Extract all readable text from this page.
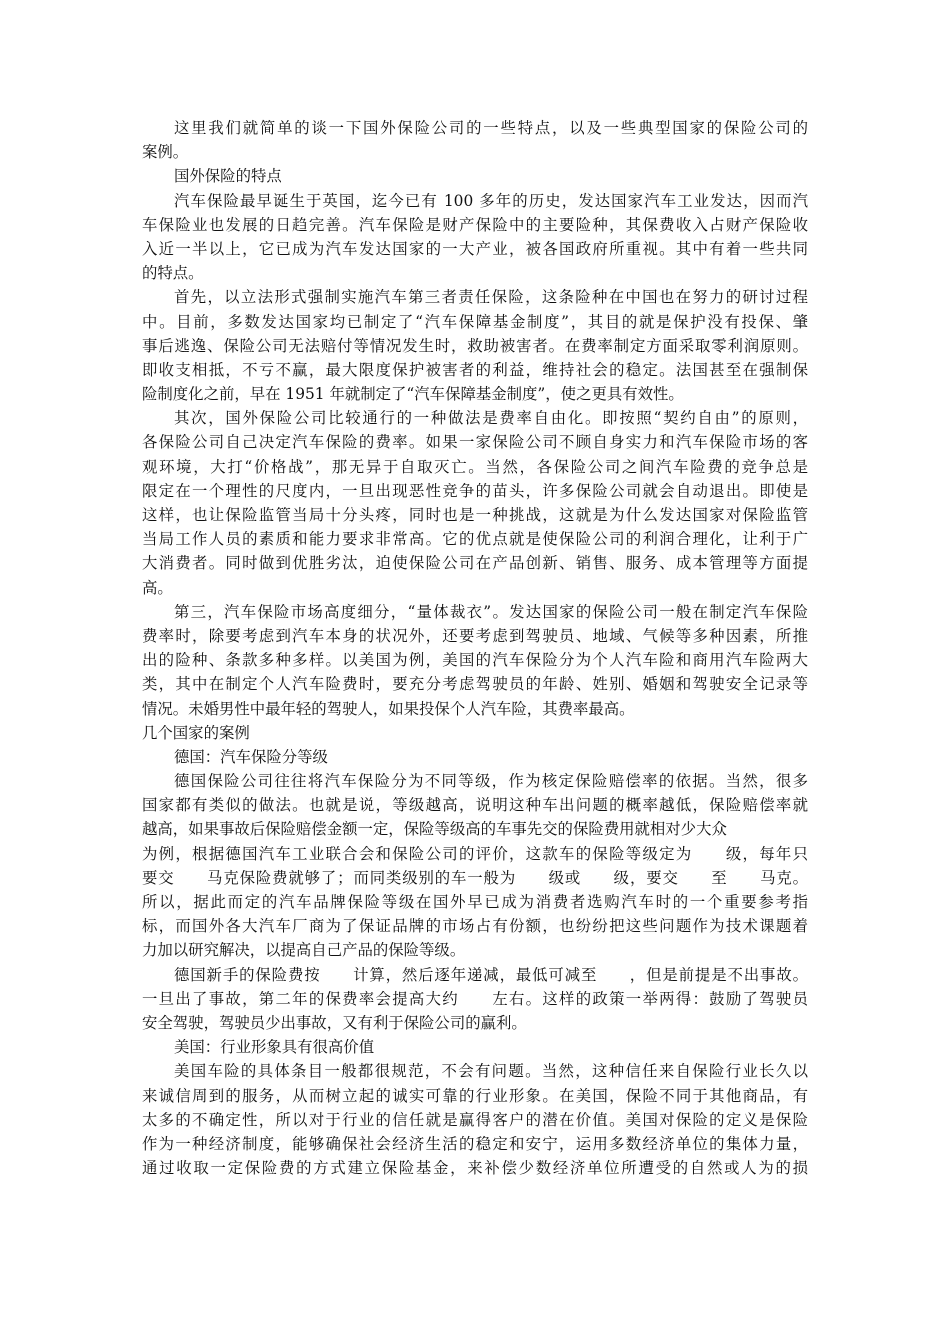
这里我们就简单的谈一下国外保险公司的一些特点，以及一些典型国家的保险公司的
案例。
国外保险的特点
汽车保险最早诞生于英国，迄今已有 100 多年的历史，发达国家汽车工业发达，因而汽
车保险业也发展的日趋完善。汽车保险是财产保险中的主要险种，其保费收入占财产保险收
入近一半以上，它已成为汽车发达国家的一大产业，被各国政府所重视。其中有着一些共同
的特点。
首先，以立法形式强制实施汽车第三者责任保险，这条险种在中国也在努力的研讨过程
中。目前，多数发达国家均已制定了“汽车保障基金制度”，其目的就是保护没有投保、肇
事后逃逸、保险公司无法赔付等情况发生时，救助被害者。在费率制定方面采取零利润原则。
即收支相抵，不亏不赢，最大限度保护被害者的利益，维持社会的稳定。法国甚至在强制保
险制度化之前，早在 1951 年就制定了“汽车保障基金制度”，使之更具有效性。
其次，国外保险公司比较通行的一种做法是费率自由化。即按照“契约自由”的原则，
各保险公司自己决定汽车保险的费率。如果一家保险公司不顾自身实力和汽车保险市场的客
观环境，大打“价格战”，那无异于自取灭亡。当然，各保险公司之间汽车险费的竞争总是
限定在一个理性的尺度内，一旦出现恶性竞争的苗头，许多保险公司就会自动退出。即使是
这样，也让保险监管当局十分头疼，同时也是一种挑战，这就是为什么发达国家对保险监管
当局工作人员的素质和能力要求非常高。它的优点就是使保险公司的利润合理化，让利于广
大消费者。同时做到优胜劣汰，迫使保险公司在产品创新、销售、服务、成本管理等方面提
高。
第三，汽车保险市场高度细分，“量体裁衣”。发达国家的保险公司一般在制定汽车保险
费率时，除要考虑到汽车本身的状况外，还要考虑到驾驶员、地域、气候等多种因素，所推
出的险种、条款多种多样。以美国为例，美国的汽车保险分为个人汽车险和商用汽车险两大
类，其中在制定个人汽车险费时，要充分考虑驾驶员的年龄、姓别、婚姻和驾驶安全记录等
情况。未婚男性中最年轻的驾驶人，如果投保个人汽车险，其费率最高。
几个国家的案例
德国：汽车保险分等级
德国保险公司往往将汽车保险分为不同等级，作为核定保险赔偿率的依据。当然，很多
国家都有类似的做法。也就是说，等级越高，说明这种车出问题的概率越低，保险赔偿率就
越高，如果事故后保险赔偿金额一定，保险等级高的车事先交的保险费用就相对少大众
为例，根据德国汽车工业联合会和保险公司的评价，这款车的保险等级定为　　级，每年只
要交　　马克保险费就够了；而同类级别的车一般为　　级或　　级，要交　　至　　马克。
所以，据此而定的汽车品牌保险等级在国外早已成为消费者选购汽车时的一个重要参考指
标，而国外各大汽车厂商为了保证品牌的市场占有份额，也纷纷把这些问题作为技术课题着
力加以研究解决，以提高自己产品的保险等级。
德国新手的保险费按　　计算，然后逐年递减，最低可减至　　，但是前提是不出事故。
一旦出了事故，第二年的保费率会提高大约　　左右。这样的政策一举两得：鼓励了驾驶员
安全驾驶，驾驶员少出事故，又有利于保险公司的赢利。
美国：行业形象具有很高价值
美国车险的具体条目一般都很规范，不会有问题。当然，这种信任来自保险行业长久以
来诚信周到的服务，从而树立起的诚实可靠的行业形象。在美国，保险不同于其他商品，有
太多的不确定性，所以对于行业的信任就是赢得客户的潜在价值。美国对保险的定义是保险
作为一种经济制度，能够确保社会经济生活的稳定和安宁，运用多数经济单位的集体力量，
通过收取一定保险费的方式建立保险基金，来补偿少数经济单位所遭受的自然或人为的损
